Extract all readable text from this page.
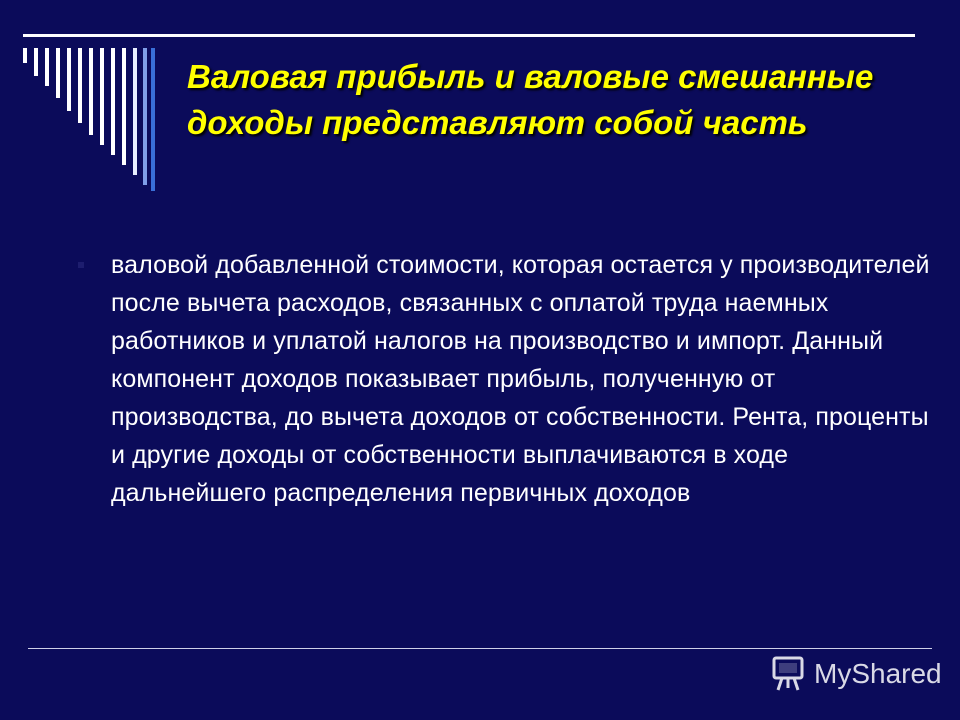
Валовая прибыль и валовые смешанные доходы представляют собой часть
валовой добавленной стоимости, которая остается у производителей после вычета расходов, связанных с оплатой труда наемных работников и уплатой налогов на производство и импорт. Данный компонент доходов показывает прибыль, полученную от производства, до вычета доходов от собственности. Рента, проценты и другие доходы от собственности выплачиваются в ходе дальнейшего распределения первичных доходов
MyShared
